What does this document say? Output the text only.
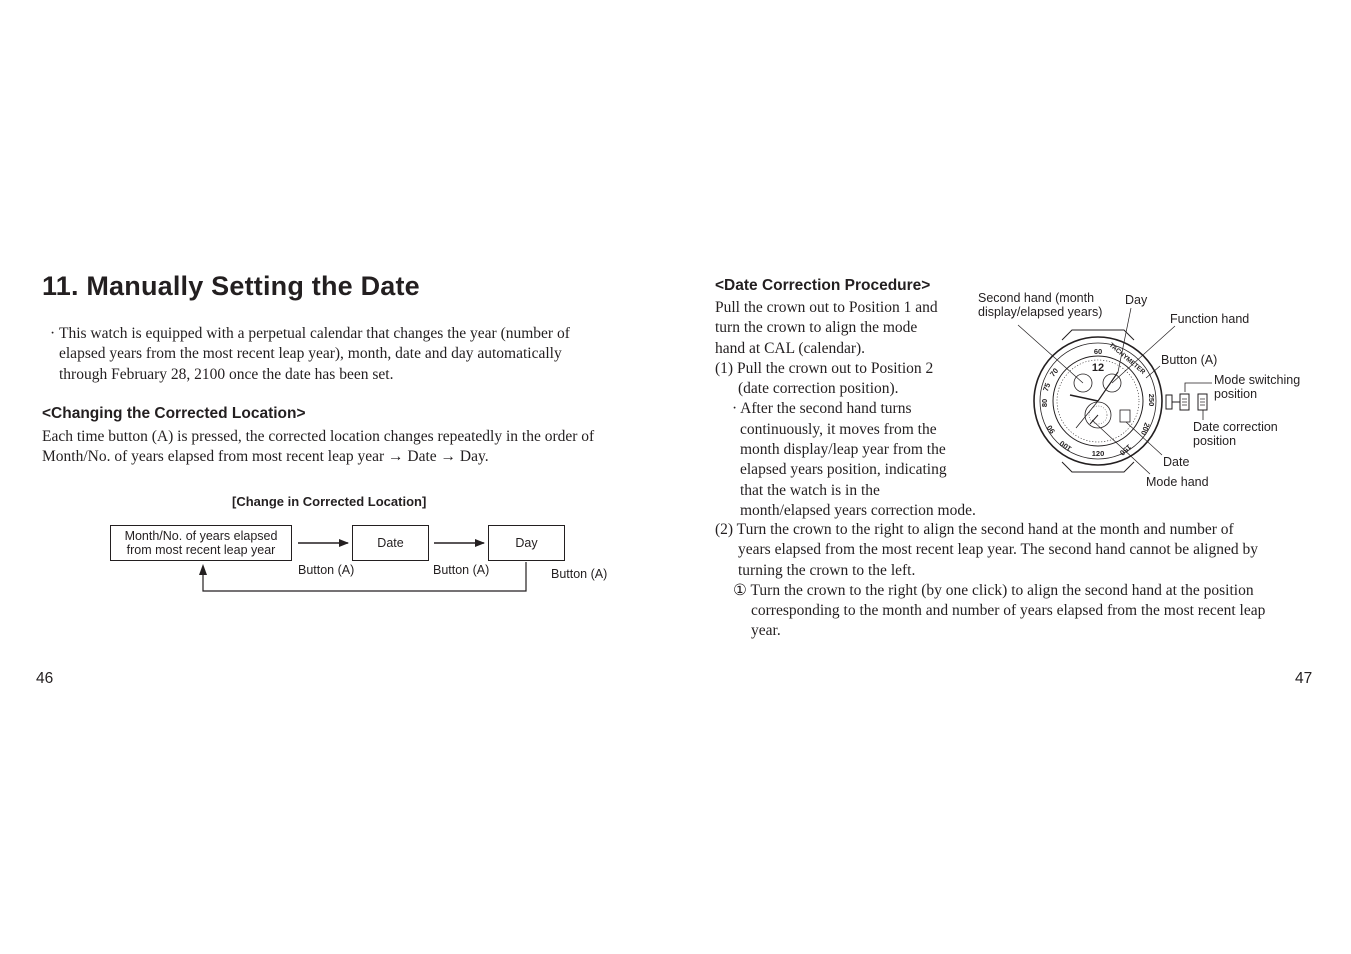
11. Manually Setting the Date
· This watch is equipped with a perpetual calendar that changes the year (number of
elapsed years from the most recent leap year), month, date and day automatically
through February 28, 2100 once the date has been set.
<Changing the Corrected Location>
Each time button (A) is pressed, the corrected location changes repeatedly in the order of
Month/No. of years elapsed from most recent leap year → Date → Day.
[Change in Corrected Location]
Month/No. of years elapsed
from most recent leap year	Date	Day
Button (A)	Button (A)	Button (A)
46
<Date Correction Procedure>
Pull the crown out to Position 1 and
turn the crown to align the mode
hand at CAL (calendar).
(1) Pull the crown out to Position 2
(date correction position).
· After the second hand turns
continuously, it moves from the
month display/leap year from the
elapsed years position, indicating
that the watch is in the
month/elapsed years correction mode.
(2) Turn the crown to the right to align the second hand at the month and number of
years elapsed from the most recent leap year. The second hand cannot be aligned by
turning the crown to the left.
① Turn the crown to the right (by one click) to align the second hand at the position
corresponding to the month and number of years elapsed from the most recent leap
year.
12
60
70
75
80
90
100
120 150
200
250
TACHYMETER
Second hand (month
display/elapsed years)
Day
Function hand
Button (A)
Mode switching
position
Date correction
position
Date
Mode hand
47
